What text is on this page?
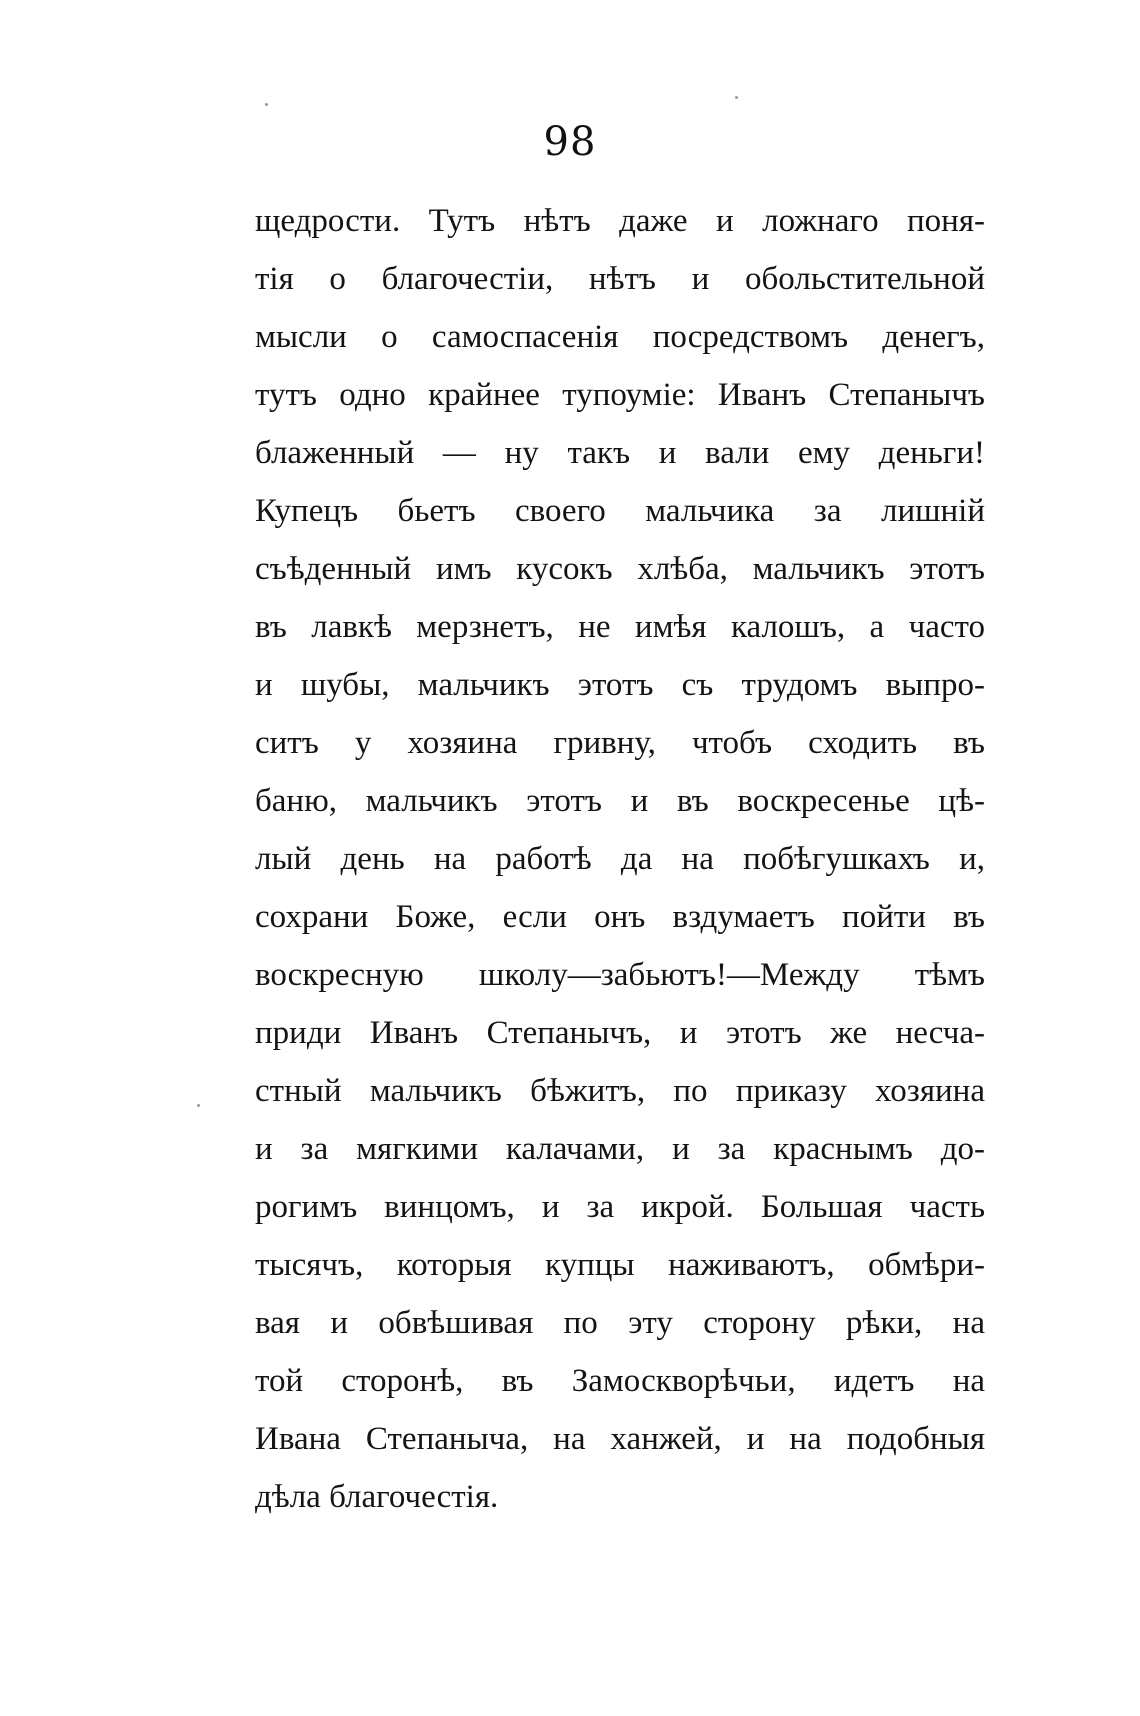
98
щедрости. Тутъ нѣтъ даже и ложнаго поня-
тія о благочестіи, нѣтъ и обольстительной
мысли о самоспасенія посредствомъ денегъ,
тутъ одно крайнее тупоуміе: Иванъ Степанычъ
блаженный — ну такъ и вали ему деньги!
Купецъ бьетъ своего мальчика за лишній
съѣденный имъ кусокъ хлѣба, мальчикъ этотъ
въ лавкѣ мерзнетъ, не имѣя калошъ, а часто
и шубы, мальчикъ этотъ съ трудомъ выпро-
ситъ у хозяина гривну, чтобъ сходить въ
баню, мальчикъ этотъ и въ воскресенье цѣ-
лый день на работѣ да на побѣгушкахъ и,
сохрани Боже, если онъ вздумаетъ пойти въ
воскресную школу—забьютъ!—Между тѣмъ
приди Иванъ Степанычъ, и этотъ же несча-
стный мальчикъ бѣжитъ, по приказу хозяина
и за мягкими калачами, и за краснымъ до-
рогимъ винцомъ, и за икрой. Большая часть
тысячъ, которыя купцы наживаютъ, обмѣри-
вая и обвѣшивая по эту сторону рѣки, на
той сторонѣ, въ Замоскворѣчьи, идетъ на
Ивана Степаныча, на ханжей, и на подобныя
дѣла благочестія.
